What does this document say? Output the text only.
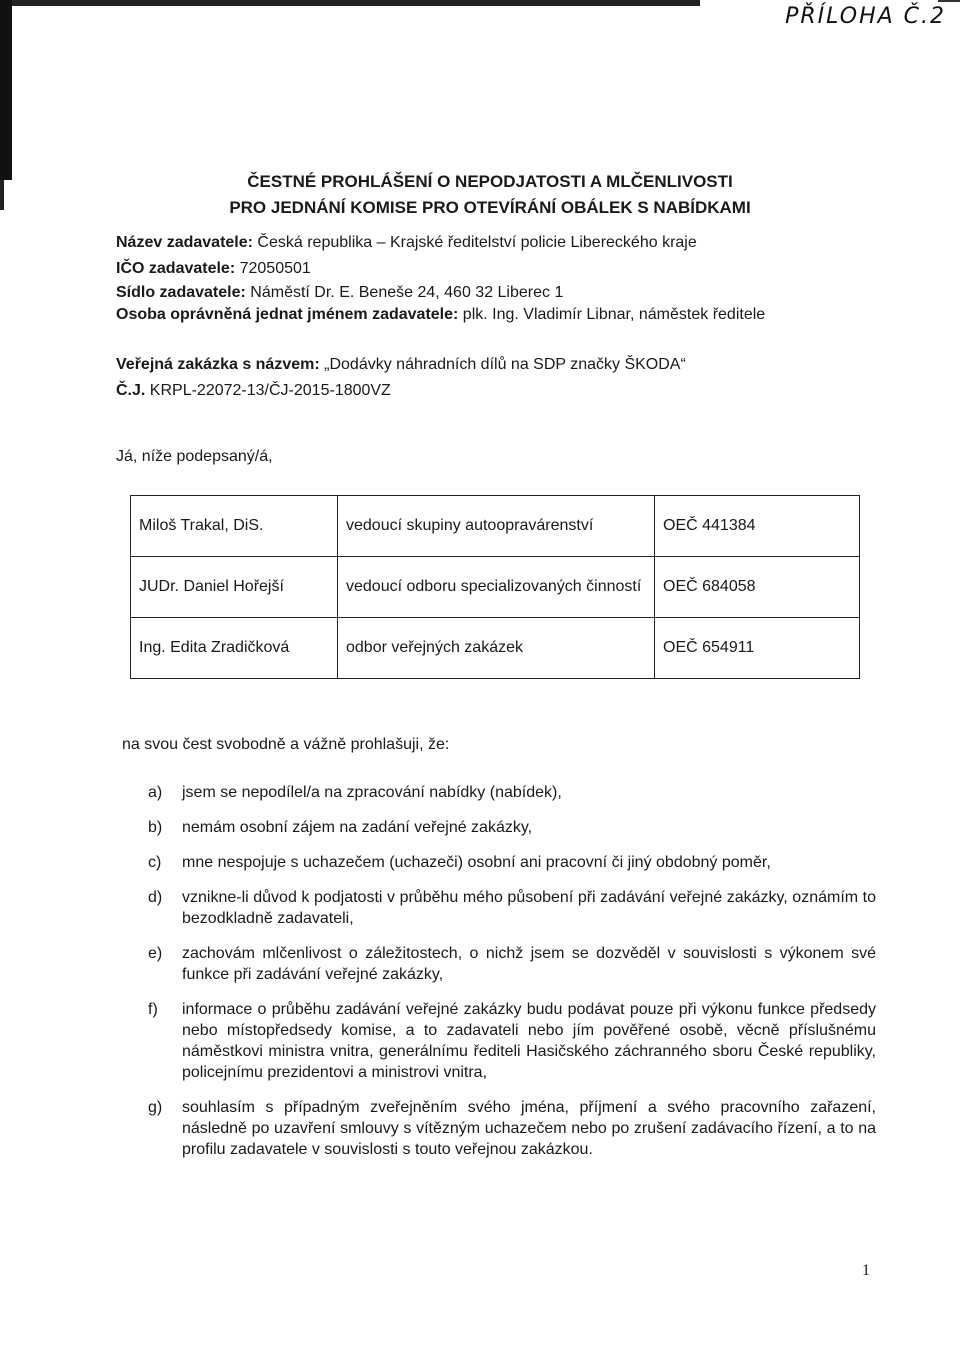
PŘÍLOHA Č.2
ČESTNÉ PROHLÁŠENÍ O NEPODJATOSTI A MLČENLIVOSTI
PRO JEDNÁNÍ KOMISE PRO OTEVÍRÁNÍ OBÁLEK S NABÍDKAMI
Název zadavatele: Česká republika – Krajské ředitelství policie Libereckého kraje
IČO zadavatele: 72050501
Sídlo zadavatele: Náměstí Dr. E. Beneše 24, 460 32 Liberec 1
Osoba oprávněná jednat jménem zadavatele: plk. Ing. Vladimír Libnar, náměstek ředitele
Veřejná zakázka s názvem: „Dodávky náhradních dílů na SDP značky ŠKODA“
Č.J. KRPL-22072-13/ČJ-2015-1800VZ
Já, níže podepsaný/á,
Miloš Trakal, DiS.	vedoucí skupiny autoopravárenství	OEČ 441384
JUDr. Daniel Hořejší	vedoucí odboru specializovaných činností	OEČ 684058
Ing. Edita Zradičková	odbor veřejných zakázek	OEČ 654911
na svou čest svobodně a vážně prohlašuji, že:
a) jsem se nepodílel/a na zpracování nabídky (nabídek),
b) nemám osobní zájem na zadání veřejné zakázky,
c) mne nespojuje s uchazečem (uchazeči) osobní ani pracovní či jiný obdobný poměr,
d) vznikne-li důvod k podjatosti v průběhu mého působení při zadávání veřejné zakázky, oznámím to bezodkladně zadavateli,
e) zachovám mlčenlivost o záležitostech, o nichž jsem se dozvěděl v souvislosti s výkonem své funkce při zadávání veřejné zakázky,
f) informace o průběhu zadávání veřejné zakázky budu podávat pouze při výkonu funkce předsedy nebo místopředsedy komise, a to zadavateli nebo jím pověřené osobě, věcně příslušnému náměstkovi ministra vnitra, generálnímu řediteli Hasičského záchranného sboru České republiky, policejnímu prezidentovi a ministrovi vnitra,
g) souhlasím s případným zveřejněním svého jména, příjmení a svého pracovního zařazení, následně po uzavření smlouvy s vítězným uchazečem nebo po zrušení zadávacího řízení, a to na profilu zadavatele v souvislosti s touto veřejnou zakázkou.
1
